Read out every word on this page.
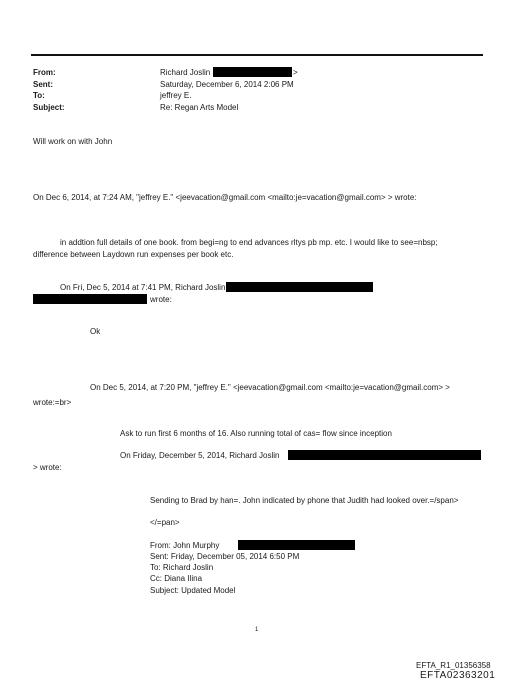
From:	Richard Joslin	>
Sent:	Saturday, December 6, 2014 2:06 PM
To:	jeffrey E.
Subject:	Re: Regan Arts Model
Will work on with John
On Dec 6, 2014, at 7:24 AM, "jeffrey E." <jeevacation@gmail.com <mailto:je=vacation@gmail.com> > wrote:
in addtion full details of one book. from begi=ng to end advances rltys pb mp. etc. I would like to see=nbsp;
difference between Laydown run expenses per book etc.
On Fri, Dec 5, 2014 at 7:41 PM, Richard Joslin
wrote:
Ok
On Dec 5, 2014, at 7:20 PM, "jeffrey E." <jeevacation@gmail.com <mailto:je=vacation@gmail.com> >
wrote:=br>
Ask to run first 6 months of 16. Also running total of cas= flow since inception
On Friday, December 5, 2014, Richard Joslin
> wrote:
Sending to Brad by han=. John indicated by phone that Judith had looked over.=/span>
</=pan>
From: John Murphy
Sent: Friday, December 05, 2014 6:50 PM
To: Richard Joslin
Cc: Diana Ilina
Subject: Updated Model
1
EFTA_R1_01356358
EFTA02363201
